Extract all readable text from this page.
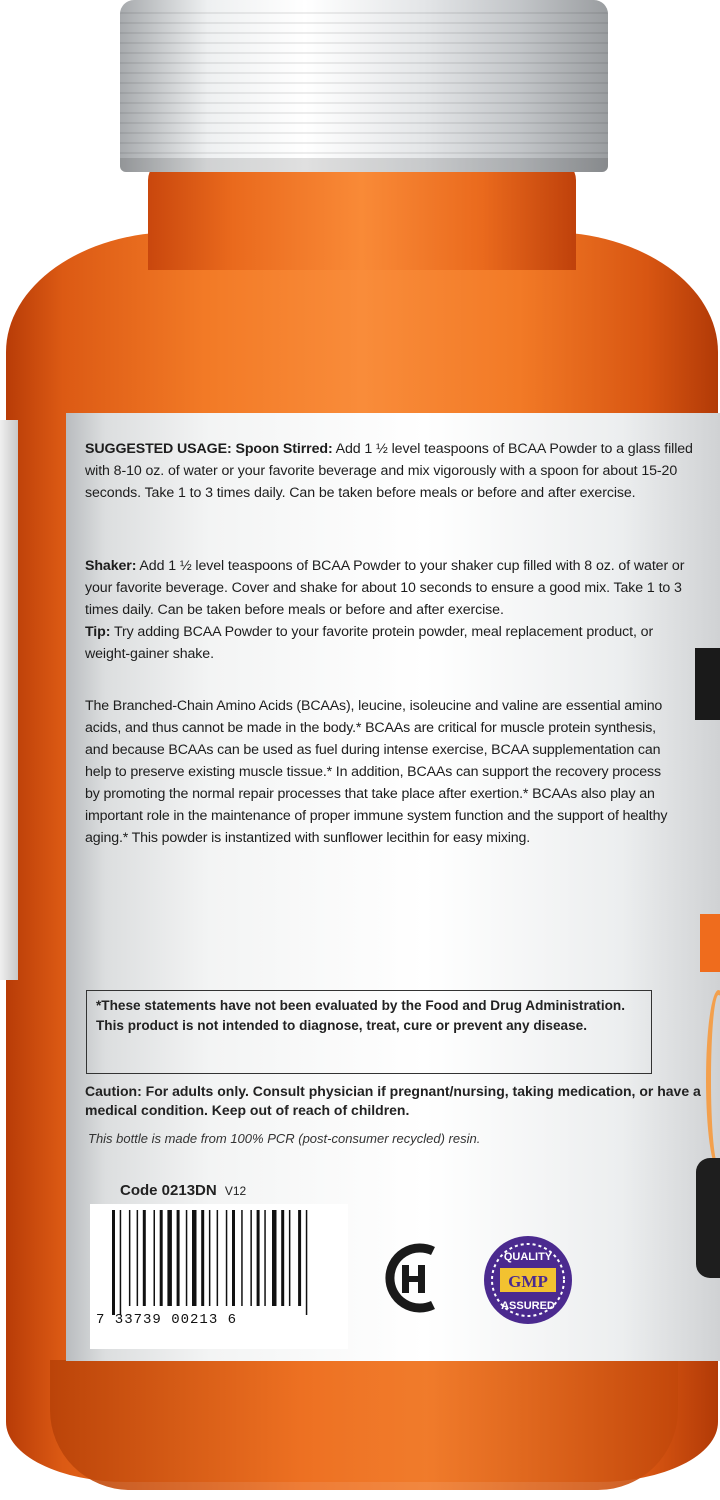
SUGGESTED USAGE: Spoon Stirred: Add 1 ½ level teaspoons of BCAA Powder to a glass filled with 8-10 oz. of water or your favorite beverage and mix vigorously with a spoon for about 15-20 seconds. Take 1 to 3 times daily. Can be taken before meals or before and after exercise.
Shaker: Add 1 ½ level teaspoons of BCAA Powder to your shaker cup filled with 8 oz. of water or your favorite beverage. Cover and shake for about 10 seconds to ensure a good mix. Take 1 to 3 times daily. Can be taken before meals or before and after exercise.
Tip: Try adding BCAA Powder to your favorite protein powder, meal replacement product, or weight-gainer shake.
The Branched-Chain Amino Acids (BCAAs), leucine, isoleucine and valine are essential amino acids, and thus cannot be made in the body.* BCAAs are critical for muscle protein synthesis, and because BCAAs can be used as fuel during intense exercise, BCAA supplementation can help to preserve existing muscle tissue.* In addition, BCAAs can support the recovery process by promoting the normal repair processes that take place after exertion.* BCAAs also play an important role in the maintenance of proper immune system function and the support of healthy aging.* This powder is instantized with sunflower lecithin for easy mixing.
*These statements have not been evaluated by the Food and Drug Administration. This product is not intended to diagnose, treat, cure or prevent any disease.
Caution: For adults only. Consult physician if pregnant/nursing, taking medication, or have a medical condition. Keep out of reach of children.
This bottle is made from 100% PCR (post-consumer recycled) resin.
Code 0213DN V12
7 33739 00213 6
GMP
QUALITY
ASSURED
